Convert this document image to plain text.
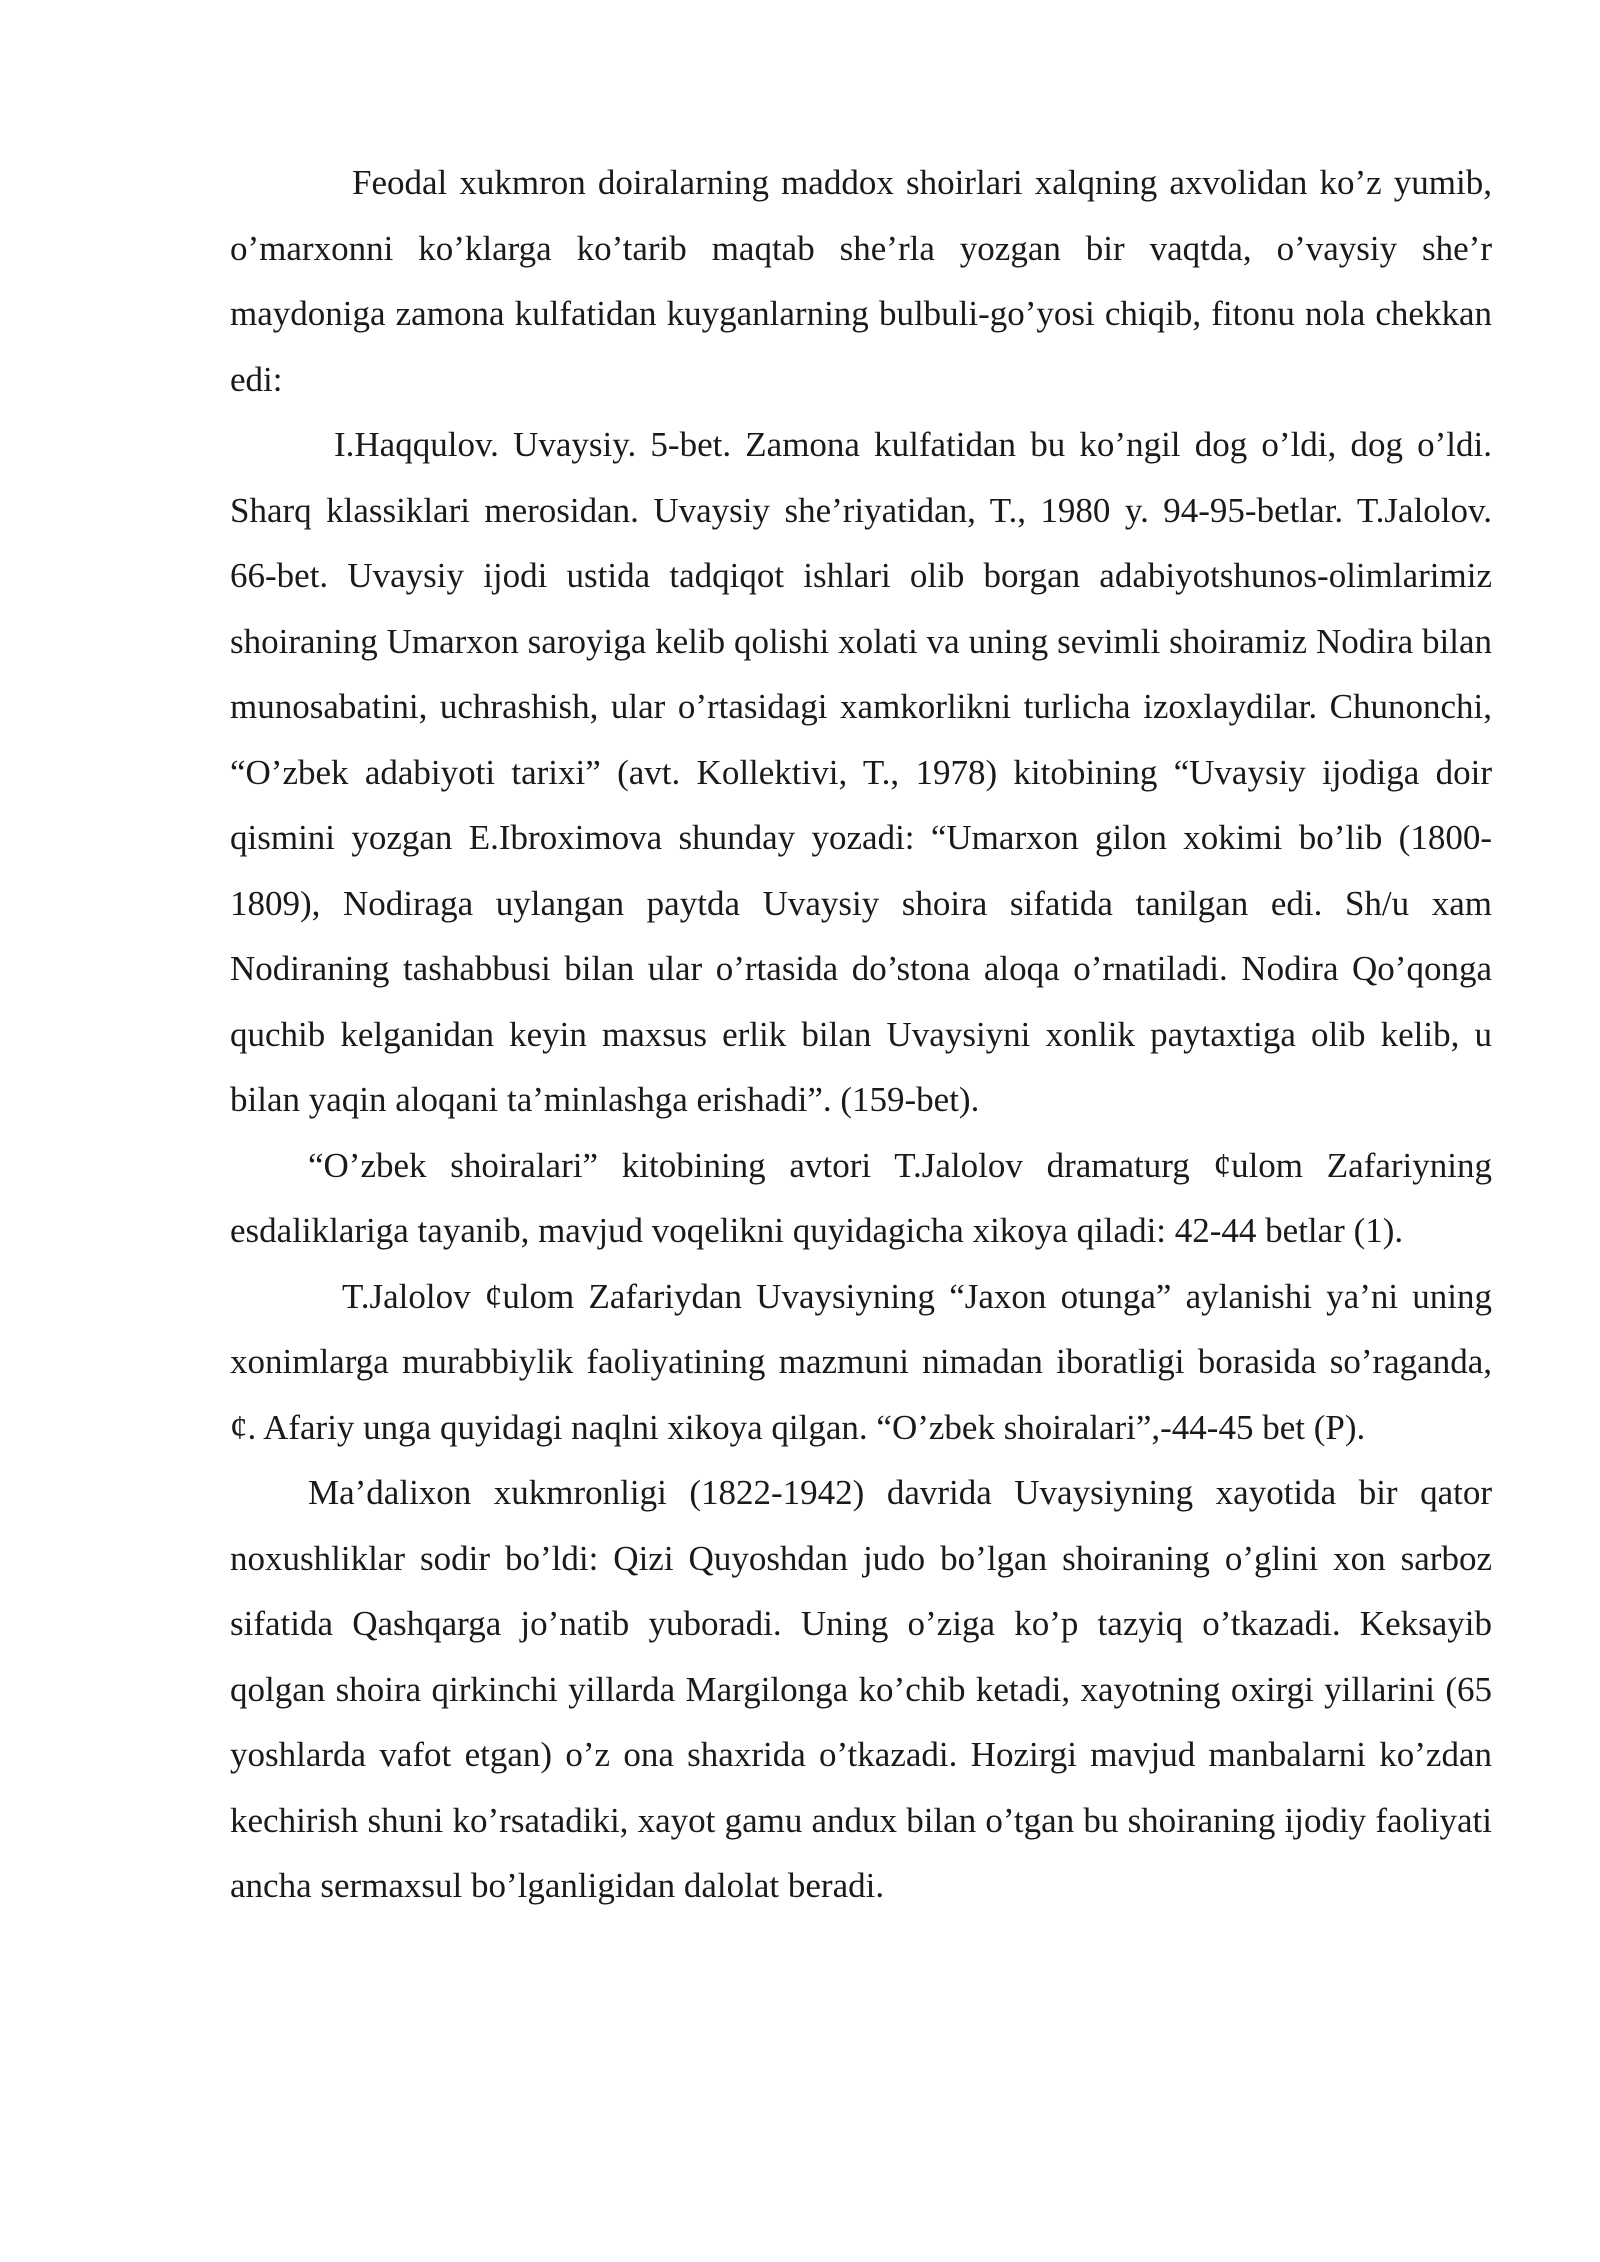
Feodal xukmron doiralarning maddox shoirlari xalqning axvolidan ko’z yumib, o’marxonni ko’klarga ko’tarib maqtab she’rla yozgan bir vaqtda, o’vaysiy she’r maydoniga zamona kulfatidan kuyganlarning bulbuli-go’yosi chiqib, fitonu nola chekkan edi:

I.Haqqulov. Uvaysiy. 5-bet. Zamona kulfatidan bu ko’ngil dog o’ldi, dog o’ldi. Sharq klassiklari merosidan. Uvaysiy she’riyatidan, T., 1980 y. 94-95-betlar. T.Jalolov. 66-bet. Uvaysiy ijodi ustida tadqiqot ishlari olib borgan adabiyotshunos-olimlarimiz shoiraning Umarxon saroyiga kelib qolishi xolati va uning sevimli shoiramiz Nodira bilan munosabatini, uchrashish, ular o’rtasidagi xamkorlikni turlicha izoxlaydilar. Chunonchi, “O’zbek adabiyoti tarixi” (avt. Kollektivi, T., 1978) kitobining “Uvaysiy ijodiga doir qismini yozgan E.Ibroximova shunday yozadi: “Umarxon gilon xokimi bo’lib (1800-1809), Nodiraga uylangan paytda Uvaysiy shoira sifatida tanilgan edi. Sh/u xam Nodiraning tashabbusi bilan ular o’rtasida do’stona aloqa o’rnatiladi. Nodira Qo’qonga quchib kelganidan keyin maxsus erlik bilan Uvaysiyni xonlik paytaxtiga olib kelib, u bilan yaqin aloqani ta’minlashga erishadi”. (159-bet).

“O’zbek shoiralari” kitobining avtori T.Jalolov dramaturg ¢ulom Zafariyning esdaliklariga tayanib, mavjud voqelikni quyidagicha xikoya qiladi: 42-44 betlar (1).

T.Jalolov ¢ulom Zafariydan Uvaysiyning “Jaxon otunga” aylanishi ya’ni uning xonimlarga murabbiylik faoliyatining mazmuni nimadan iboratligi borasida so’raganda, ¢. Afariy unga quyidagi naqlni xikoya qilgan. “O’zbek shoiralari”,-44-45 bet (P).

Ma’dalixon xukmronligi (1822-1942) davrida Uvaysiyning xayotida bir qator noxushliklar sodir bo’ldi: Qizi Quyoshdan judo bo’lgan shoiraning o’glini xon sarboz sifatida Qashqarga jo’natib yuboradi. Uning o’ziga ko’p tazyiq o’tkazadi. Keksayib qolgan shoira qirkinchi yillarda Margilonga ko’chib ketadi, xayotning oxirgi yillarini (65 yoshlarda vafot etgan) o’z ona shaxrida o’tkazadi. Hozirgi mavjud manbalarni ko’zdan kechirish shuni ko’rsatadiki, xayot gamu andux bilan o’tgan bu shoiraning ijodiy faoliyati ancha sermaxsul bo’lganligidan dalolat beradi.
